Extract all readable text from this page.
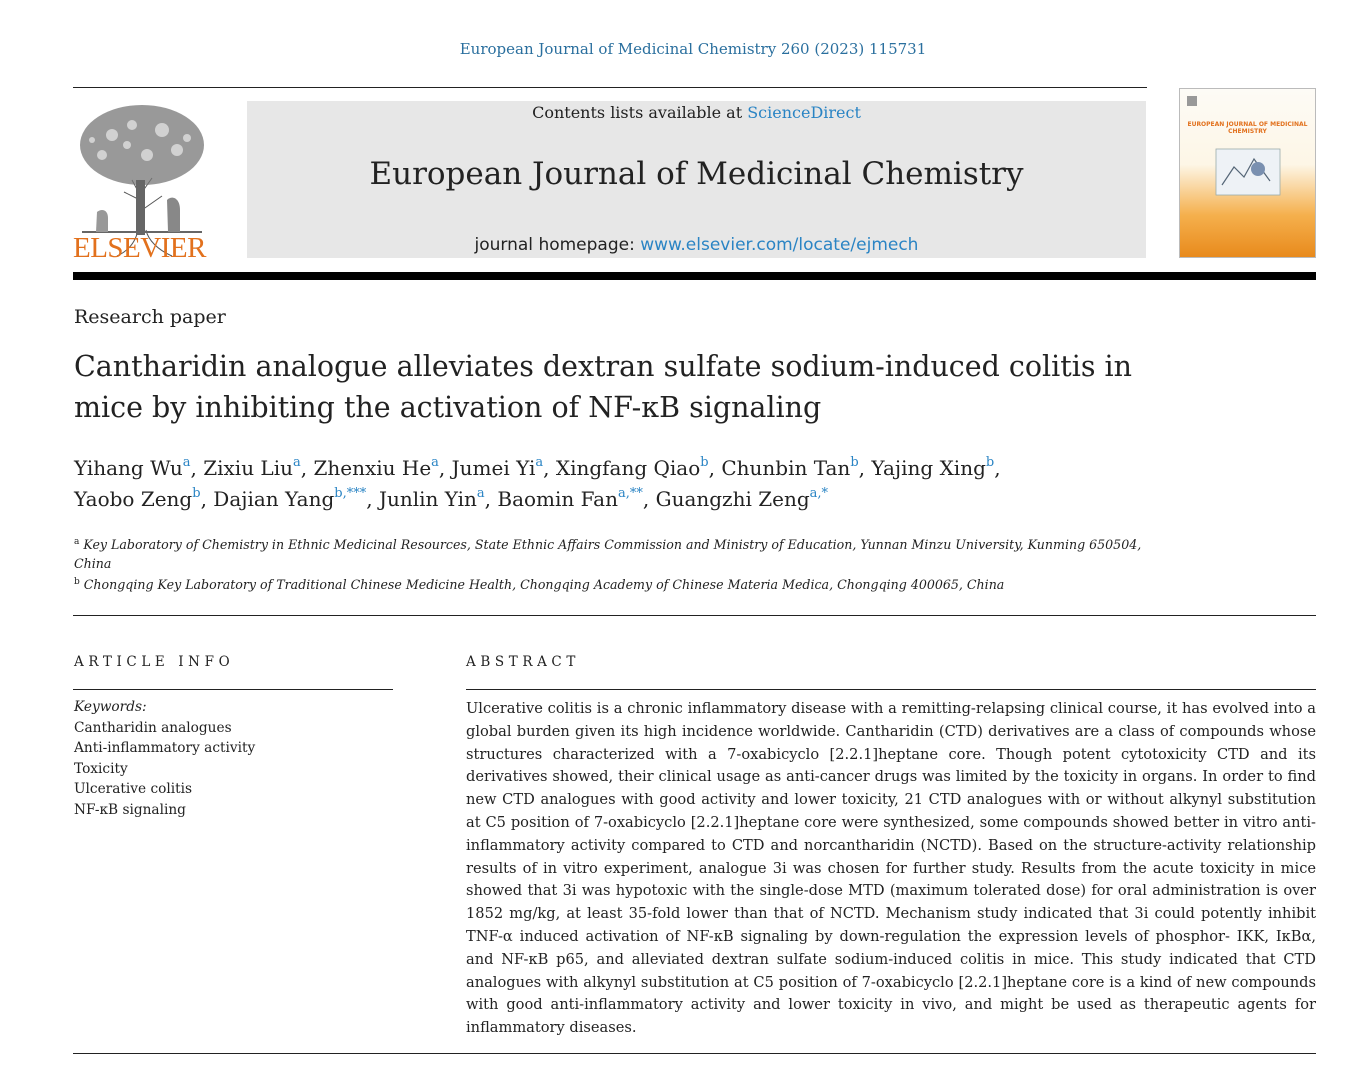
European Journal of Medicinal Chemistry 260 (2023) 115731
ELSEVIER
Contents lists available at ScienceDirect
European Journal of Medicinal Chemistry
journal homepage: www.elsevier.com/locate/ejmech
EUROPEAN JOURNAL OF MEDICINAL CHEMISTRY
Research paper
Cantharidin analogue alleviates dextran sulfate sodium-induced colitis in mice by inhibiting the activation of NF-κB signaling
Yihang Wu$^a$, Zixiu Liu$^a$, Zhenxiu He$^a$, Jumei Yi$^a$, Xingfang Qiao$^b$, Chunbin Tan$^b$, Yajing Xing$^b$,
Yaobo Zeng$^b$, Dajian Yang$^{b,***}$, Junlin Yin$^a$, Baomin Fan$^{a,**}$, Guangzhi Zeng$^{a,*}$
$^a$ Key Laboratory of Chemistry in Ethnic Medicinal Resources, State Ethnic Affairs Commission and Ministry of Education, Yunnan Minzu University, Kunming 650504, China
$^b$ Chongqing Key Laboratory of Traditional Chinese Medicine Health, Chongqing Academy of Chinese Materia Medica, Chongqing 400065, China
ARTICLE INFO	ABSTRACT
Keywords:
Cantharidin analogues
Anti-inflammatory activity
Toxicity
Ulcerative colitis
NF-κB signaling
Ulcerative colitis is a chronic inflammatory disease with a remitting-relapsing clinical course, it has evolved into a global burden given its high incidence worldwide. Cantharidin (CTD) derivatives are a class of compounds whose structures characterized with a 7-oxabicyclo [2.2.1]heptane core. Though potent cytotoxicity CTD and its derivatives showed, their clinical usage as anti-cancer drugs was limited by the toxicity in organs. In order to find new CTD analogues with good activity and lower toxicity, 21 CTD analogues with or without alkynyl substitution at C5 position of 7-oxabicyclo [2.2.1]heptane core were synthesized, some compounds showed better in vitro anti-inflammatory activity compared to CTD and norcantharidin (NCTD). Based on the structure-activity relationship results of in vitro experiment, analogue 3i was chosen for further study. Results from the acute toxicity in mice showed that 3i was hypotoxic with the single-dose MTD (maximum tolerated dose) for oral administration is over 1852 mg/kg, at least 35-fold lower than that of NCTD. Mechanism study indicated that 3i could potently inhibit TNF-α induced activation of NF-κB signaling by down-regulation the expression levels of phosphor- IKK, IκBα, and NF-κB p65, and alleviated dextran sulfate sodium-induced colitis in mice. This study indicated that CTD analogues with alkynyl substitution at C5 position of 7-oxabicyclo [2.2.1]heptane core is a kind of new compounds with good anti-inflammatory activity and lower toxicity in vivo, and might be used as therapeutic agents for inflammatory diseases.
